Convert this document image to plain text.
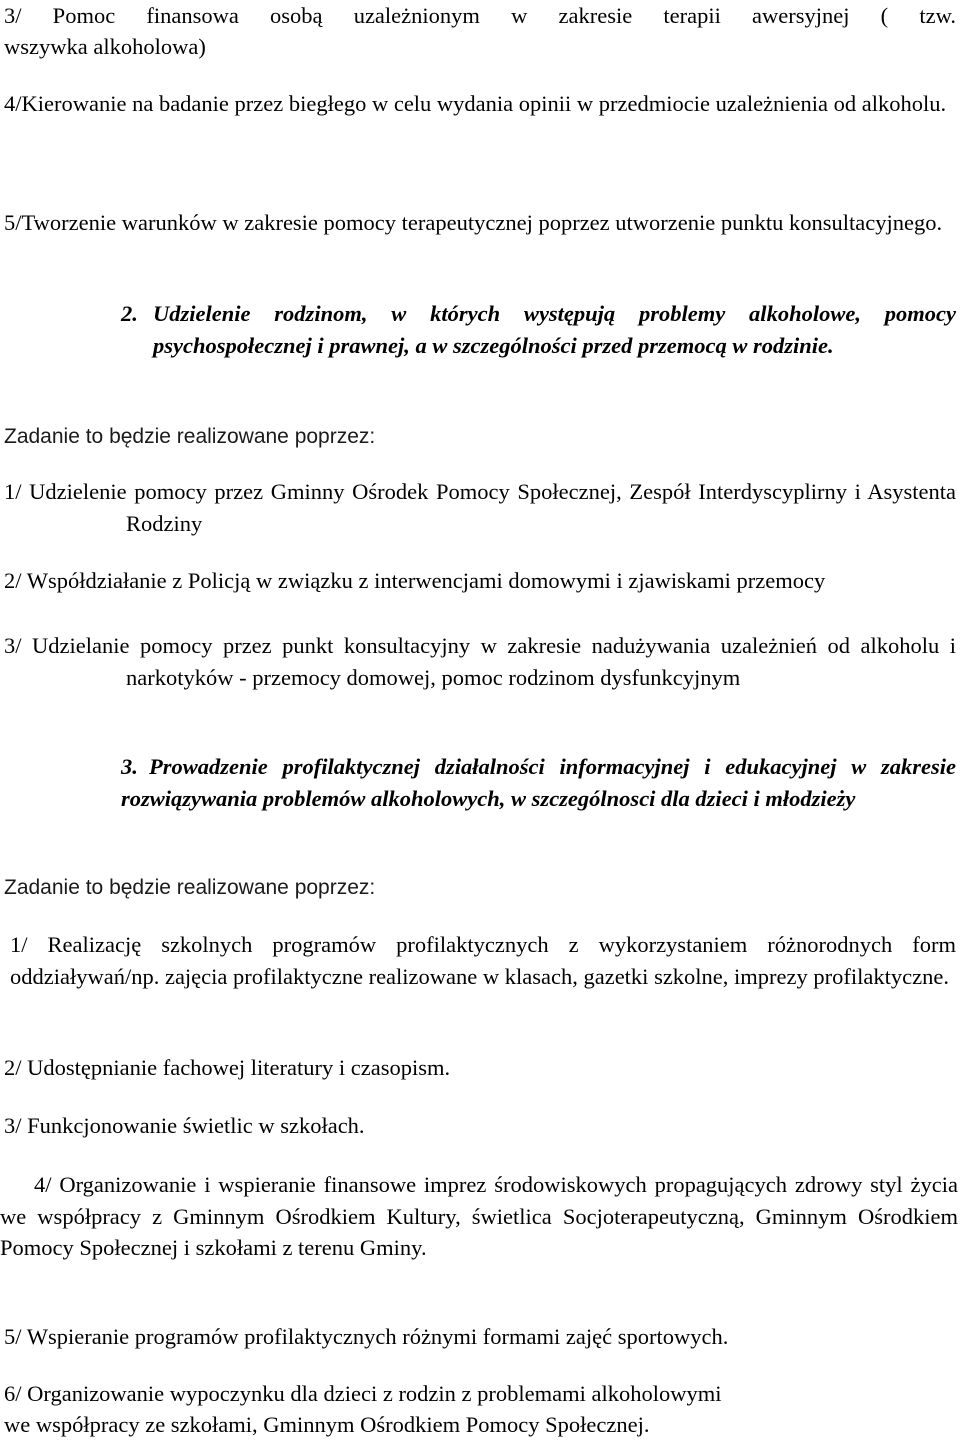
3/ Pomoc finansowa osobą uzależnionym w zakresie terapii awersyjnej ( tzw.
wszywka alkoholowa)
4/Kierowanie na badanie przez biegłego w celu wydania opinii w przedmiocie uzależnienia od alkoholu.
5/Tworzenie warunków w zakresie pomocy terapeutycznej poprzez utworzenie punktu konsultacyjnego.
2. Udzielenie rodzinom, w których występują problemy alkoholowe, pomocy psychospołecznej i prawnej, a w szczególności przed przemocą w rodzinie.
Zadanie to będzie realizowane poprzez:
1/ Udzielenie pomocy przez Gminny Ośrodek Pomocy Społecznej, Zespół Interdyscyplirny i Asystenta Rodziny
2/ Współdziałanie z Policją w związku z interwencjami domowymi i zjawiskami przemocy
3/ Udzielanie pomocy przez punkt konsultacyjny w zakresie nadużywania uzależnień od alkoholu i narkotyków - przemocy domowej, pomoc rodzinom dysfunkcyjnym
3. Prowadzenie profilaktycznej działalności informacyjnej i edukacyjnej w zakresie rozwiązywania problemów alkoholowych, w szczególnosci dla dzieci i młodzieży
Zadanie to będzie realizowane poprzez:
1/ Realizację szkolnych programów profilaktycznych z wykorzystaniem różnorodnych form oddziaływań/np. zajęcia profilaktyczne realizowane w klasach, gazetki szkolne, imprezy profilaktyczne.
2/ Udostępnianie fachowej literatury i czasopism.
3/ Funkcjonowanie świetlic w szkołach.
4/ Organizowanie i wspieranie finansowe imprez środowiskowych propagujących zdrowy styl życia we współpracy z Gminnym Ośrodkiem Kultury, świetlica Socjoterapeutyczną, Gminnym Ośrodkiem Pomocy Społecznej i szkołami z terenu Gminy.
5/ Wspieranie programów profilaktycznych różnymi formami zajęć sportowych.
6/ Organizowanie wypoczynku dla dzieci z rodzin z problemami alkoholowymi
we współpracy ze szkołami, Gminnym Ośrodkiem Pomocy Społecznej.
